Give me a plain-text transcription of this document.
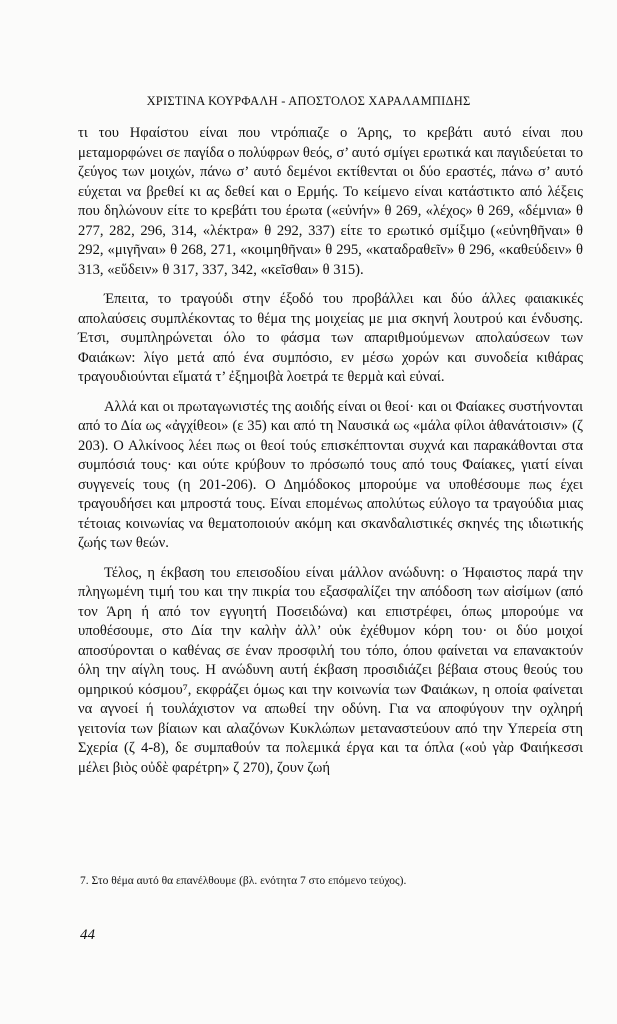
ΧΡΙΣΤΙΝΑ ΚΟΥΡΦΑΛΗ - ΑΠΟΣΤΟΛΟΣ ΧΑΡΑΛΑΜΠΙΔΗΣ

τι του Ηφαίστου είναι που ντρόπιαζε ο Άρης, το κρεβάτι αυτό είναι που μεταμορφώνει σε παγίδα ο πολύφρων θεός, σ’ αυτό σμίγει ερωτικά και παγιδεύεται το ζεύγος των μοιχών, πάνω σ’ αυτό δεμένοι εκτίθενται οι δύο εραστές, πάνω σ’ αυτό εύχεται να βρεθεί κι ας δεθεί και ο Ερμής. Το κείμενο είναι κατάστικτο από λέξεις που δηλώνουν είτε το κρεβάτι του έρωτα («εὐνήν» θ 269, «λέχος» θ 269, «δέμνια» θ 277, 282, 296, 314, «λέκτρα» θ 292, 337) είτε το ερωτικό σμίξιμο («εὐνηθῆναι» θ 292, «μιγῆναι» θ 268, 271, «κοιμηθῆναι» θ 295, «καταδραθεῖν» θ 296, «καθεύδειν» θ 313, «εὕδειν» θ 317, 337, 342, «κεῖσθαι» θ 315).

Έπειτα, το τραγούδι στην έξοδό του προβάλλει και δύο άλλες φαιακικές απολαύσεις συμπλέκοντας το θέμα της μοιχείας με μια σκηνή λουτρού και ένδυσης. Έτσι, συμπληρώνεται όλο το φάσμα των απαριθμούμενων απολαύσεων των Φαιάκων: λίγο μετά από ένα συμπόσιο, εν μέσω χορών και συνοδεία κιθάρας τραγουδιούνται εἵματά τ’ ἐξημοιβὰ λοετρά τε θερμὰ καὶ εὐναί.

Αλλά και οι πρωταγωνιστές της αοιδής είναι οι θεοί· και οι Φαίακες συστήνονται από το Δία ως «ἀγχίθεοι» (ε 35) και από τη Ναυσικά ως «μάλα φίλοι ἀθανάτοισιν» (ζ 203). Ο Αλκίνοος λέει πως οι θεοί τούς επισκέπτονται συχνά και παρακάθονται στα συμπόσιά τους· και ούτε κρύβουν το πρόσωπό τους από τους Φαίακες, γιατί είναι συγγενείς τους (η 201-206). Ο Δημόδοκος μπορούμε να υποθέσουμε πως έχει τραγουδήσει και μπροστά τους. Είναι επομένως απολύτως εύλογο τα τραγούδια μιας τέτοιας κοινωνίας να θεματοποιούν ακόμη και σκανδαλιστικές σκηνές της ιδιωτικής ζωής των θεών.

Τέλος, η έκβαση του επεισοδίου είναι μάλλον ανώδυνη: ο Ήφαιστος παρά την πληγωμένη τιμή του και την πικρία του εξασφαλίζει την απόδοση των αἰσίμων (από τον Άρη ή από τον εγγυητή Ποσειδώνα) και επιστρέφει, όπως μπορούμε να υποθέσουμε, στο Δία την καλὴν ἀλλ’ οὐκ ἐχέθυμον κόρη του· οι δύο μοιχοί αποσύρονται ο καθένας σε έναν προσφιλή του τόπο, όπου φαίνεται να επανακτούν όλη την αίγλη τους. Η ανώδυνη αυτή έκβαση προσιδιάζει βέβαια στους θεούς του ομηρικού κόσμου⁷, εκφράζει όμως και την κοινωνία των Φαιάκων, η οποία φαίνεται να αγνοεί ή τουλάχιστον να απωθεί την οδύνη. Για να αποφύγουν την οχληρή γειτονία των βίαιων και αλαζόνων Κυκλώπων μεταναστεύουν από την Υπερεία στη Σχερία (ζ 4-8), δε συμπαθούν τα πολεμικά έργα και τα όπλα («οὐ γὰρ Φαιήκεσσι μέλει βιὸς οὐδὲ φαρέτρη» ζ 270), ζουν ζωή

7. Στο θέμα αυτό θα επανέλθουμε (βλ. ενότητα 7 στο επόμενο τεύχος).
44
